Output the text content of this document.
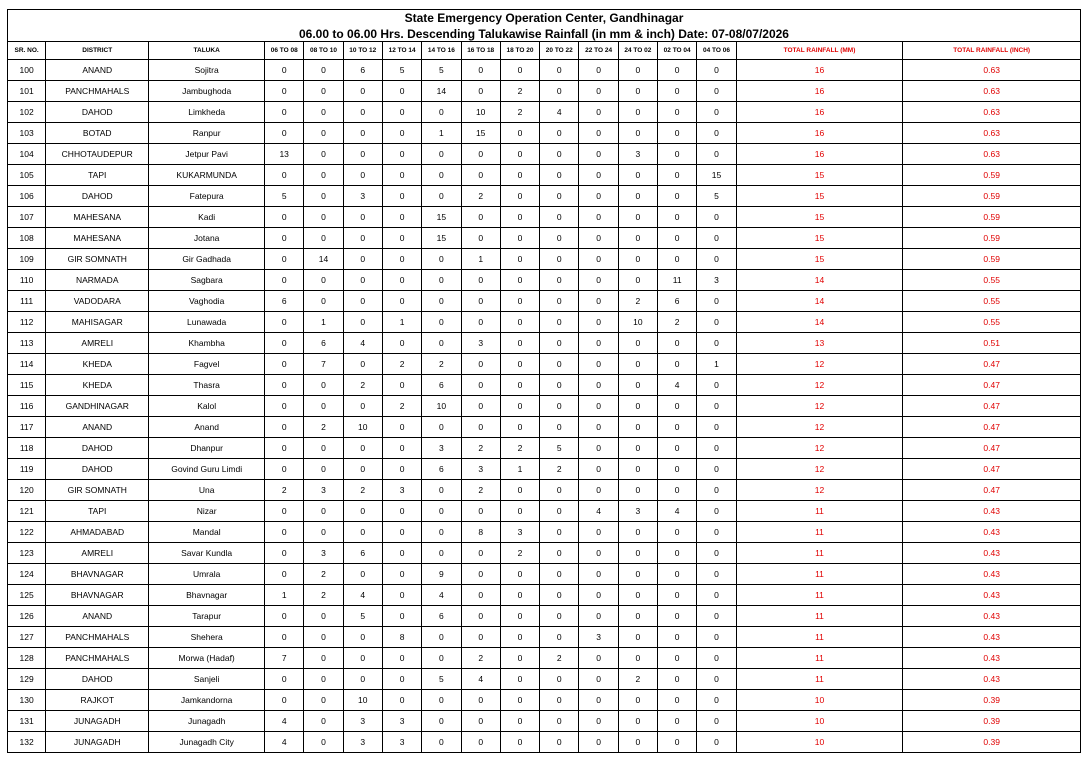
State Emergency Operation Center, Gandhinagar																
06.00 to 06.00 Hrs. Descending Talukawise Rainfall (in mm & inch) Date: 07-08/07/2026																
SR. NO.	DISTRICT	TALUKA	06 TO 08	08 TO 10	10 TO 12	12 TO 14	14 TO 16	16 TO 18	18 TO 20	20 TO 22	22 TO 24	24 TO 02	02 TO 04	04 TO 06	TOTAL RAINFALL (MM)	TOTAL RAINFALL (INCH)
100	ANAND	Sojitra	0	0	6	5	5	0	0	0	0	0	0	0	16	0.63
101	PANCHMAHALS	Jambughoda	0	0	0	0	14	0	2	0	0	0	0	0	16	0.63
102	DAHOD	Limkheda	0	0	0	0	0	10	2	4	0	0	0	0	16	0.63
103	BOTAD	Ranpur	0	0	0	0	1	15	0	0	0	0	0	0	16	0.63
104	CHHOTAUDEPUR	Jetpur Pavi	13	0	0	0	0	0	0	0	0	3	0	0	16	0.63
105	TAPI	KUKARMUNDA	0	0	0	0	0	0	0	0	0	0	0	15	15	0.59
106	DAHOD	Fatepura	5	0	3	0	0	2	0	0	0	0	0	5	15	0.59
107	MAHESANA	Kadi	0	0	0	0	15	0	0	0	0	0	0	0	15	0.59
108	MAHESANA	Jotana	0	0	0	0	15	0	0	0	0	0	0	0	15	0.59
109	GIR SOMNATH	Gir Gadhada	0	14	0	0	0	1	0	0	0	0	0	0	15	0.59
110	NARMADA	Sagbara	0	0	0	0	0	0	0	0	0	0	11	3	14	0.55
111	VADODARA	Vaghodia	6	0	0	0	0	0	0	0	0	2	6	0	14	0.55
112	MAHISAGAR	Lunawada	0	1	0	1	0	0	0	0	0	10	2	0	14	0.55
113	AMRELI	Khambha	0	6	4	0	0	3	0	0	0	0	0	0	13	0.51
114	KHEDA	Fagvel	0	7	0	2	2	0	0	0	0	0	0	1	12	0.47
115	KHEDA	Thasra	0	0	2	0	6	0	0	0	0	0	4	0	12	0.47
116	GANDHINAGAR	Kalol	0	0	0	2	10	0	0	0	0	0	0	0	12	0.47
117	ANAND	Anand	0	2	10	0	0	0	0	0	0	0	0	0	12	0.47
118	DAHOD	Dhanpur	0	0	0	0	3	2	2	5	0	0	0	0	12	0.47
119	DAHOD	Govind Guru Limdi	0	0	0	0	6	3	1	2	0	0	0	0	12	0.47
120	GIR SOMNATH	Una	2	3	2	3	0	2	0	0	0	0	0	0	12	0.47
121	TAPI	Nizar	0	0	0	0	0	0	0	0	4	3	4	0	11	0.43
122	AHMADABAD	Mandal	0	0	0	0	0	8	3	0	0	0	0	0	11	0.43
123	AMRELI	Savar Kundla	0	3	6	0	0	0	2	0	0	0	0	0	11	0.43
124	BHAVNAGAR	Umrala	0	2	0	0	9	0	0	0	0	0	0	0	11	0.43
125	BHAVNAGAR	Bhavnagar	1	2	4	0	4	0	0	0	0	0	0	0	11	0.43
126	ANAND	Tarapur	0	0	5	0	6	0	0	0	0	0	0	0	11	0.43
127	PANCHMAHALS	Shehera	0	0	0	8	0	0	0	0	3	0	0	0	11	0.43
128	PANCHMAHALS	Morwa (Hadaf)	7	0	0	0	0	2	0	2	0	0	0	0	11	0.43
129	DAHOD	Sanjeli	0	0	0	0	5	4	0	0	0	2	0	0	11	0.43
130	RAJKOT	Jamkandorna	0	0	10	0	0	0	0	0	0	0	0	0	10	0.39
131	JUNAGADH	Junagadh	4	0	3	3	0	0	0	0	0	0	0	0	10	0.39
132	JUNAGADH	Junagadh City	4	0	3	3	0	0	0	0	0	0	0	0	10	0.39
